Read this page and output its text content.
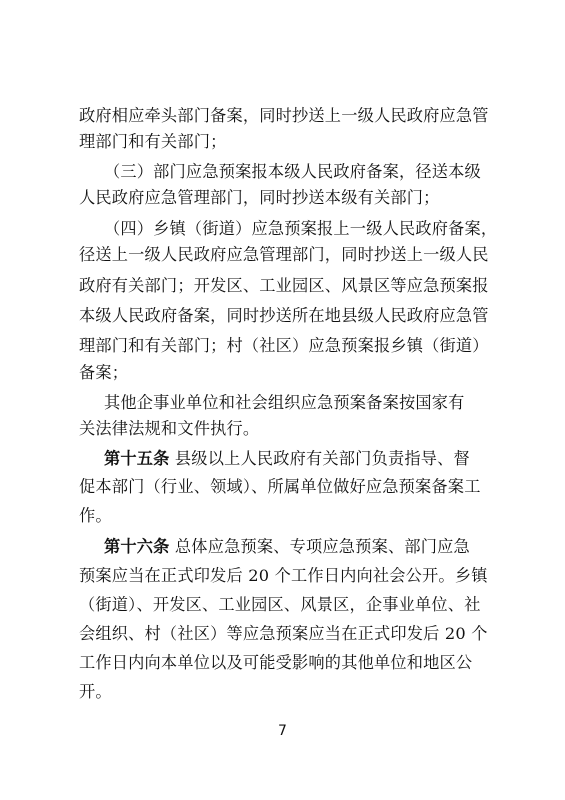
政府相应牵头部门备案，同时抄送上一级人民政府应急管
理部门和有关部门；
（三）部门应急预案报本级人民政府备案，径送本级
人民政府应急管理部门，同时抄送本级有关部门；
（四）乡镇（街道）应急预案报上一级人民政府备案，
径送上一级人民政府应急管理部门，同时抄送上一级人民
政府有关部门；开发区、工业园区、风景区等应急预案报
本级人民政府备案，同时抄送所在地县级人民政府应急管
理部门和有关部门；村（社区）应急预案报乡镇（街道）
备案；
其他企事业单位和社会组织应急预案备案按国家有
关法律法规和文件执行。
第十五条 县级以上人民政府有关部门负责指导、督
促本部门（行业、领域）、所属单位做好应急预案备案工
作。
第十六条 总体应急预案、专项应急预案、部门应急
预案应当在正式印发后 20 个工作日内向社会公开。乡镇
（街道）、开发区、工业园区、风景区，企事业单位、社
会组织、村（社区）等应急预案应当在正式印发后 20 个
工作日内向本单位以及可能受影响的其他单位和地区公
开。
7
